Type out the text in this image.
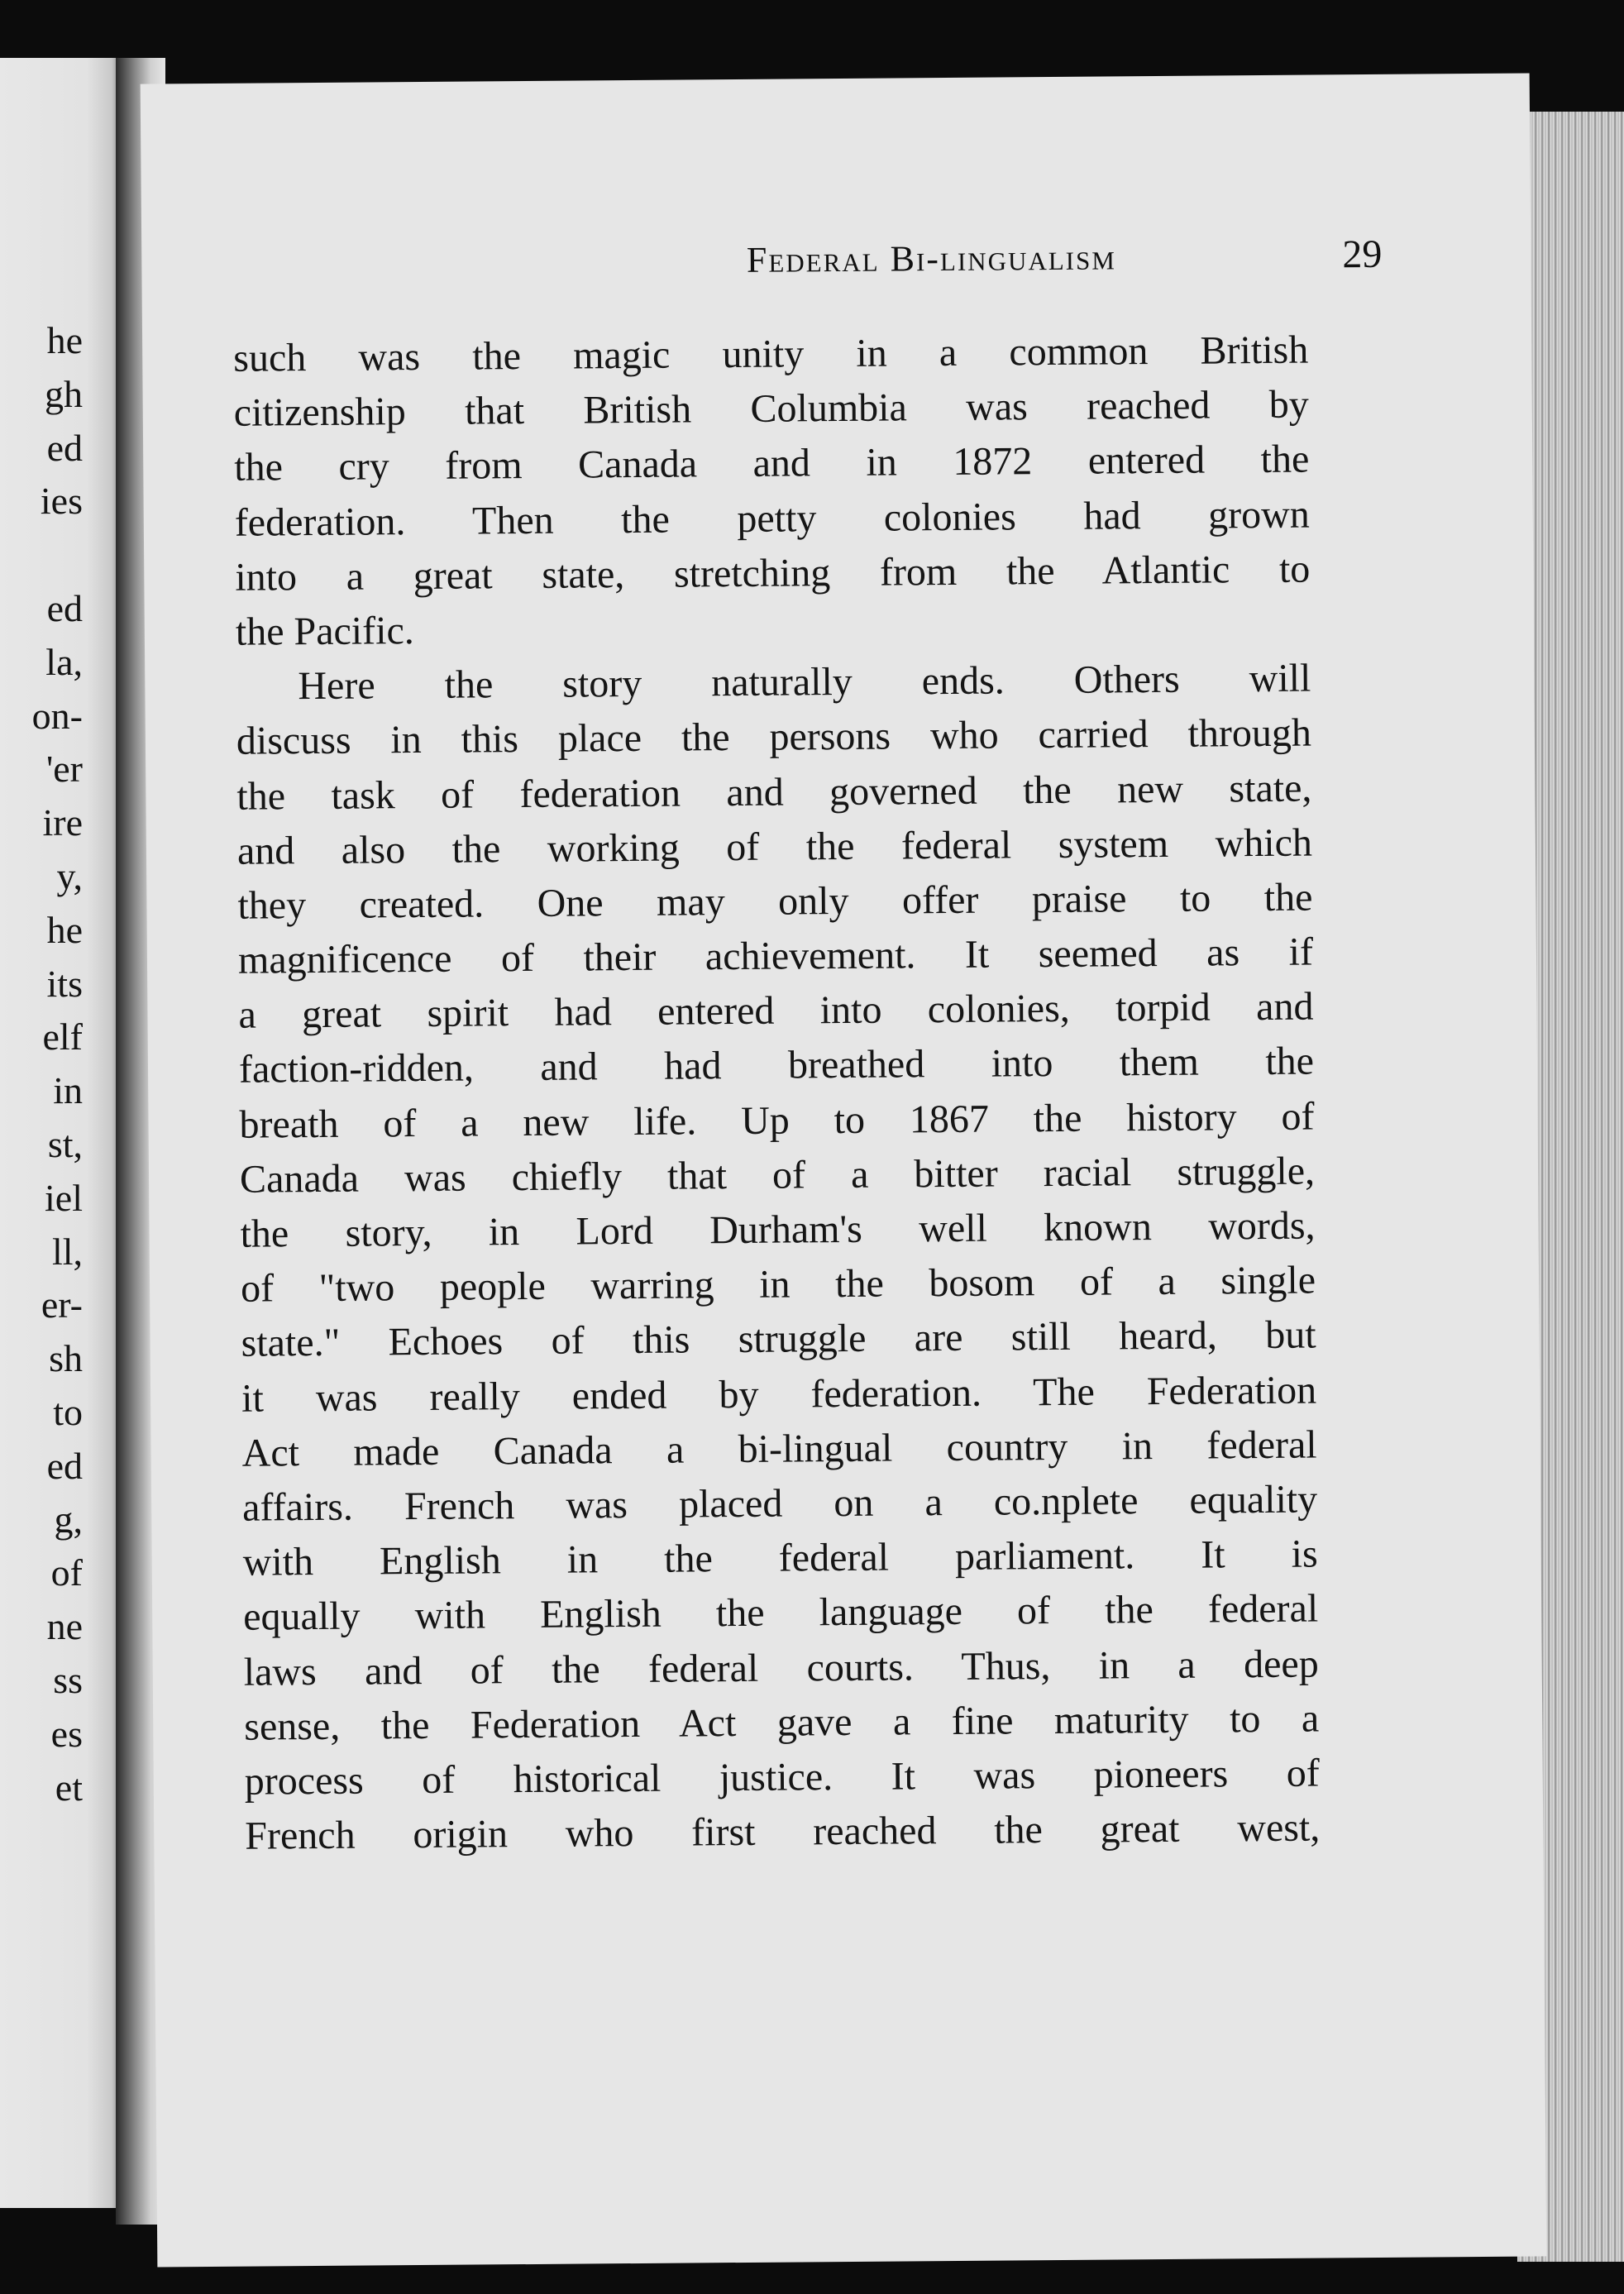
he
gh
ed
ies
ed
la,
on-
'er
ire
y,
he
its
elf
in
st,
iel
ll,
er-
sh
to
ed
g,
of
ne
ss
es
et
Federal Bi-lingualism	29
such was the magic unity in a common British
citizenship that British Columbia was reached by
the cry from Canada and in 1872 entered the
federation. Then the petty colonies had grown
into a great state, stretching from the Atlantic to
the Pacific.
Here the story naturally ends. Others will
discuss in this place the persons who carried through
the task of federation and governed the new state,
and also the working of the federal system which
they created. One may only offer praise to the
magnificence of their achievement. It seemed as if
a great spirit had entered into colonies, torpid and
faction-ridden, and had breathed into them the
breath of a new life. Up to 1867 the history of
Canada was chiefly that of a bitter racial struggle,
the story, in Lord Durham's well known words,
of "two people warring in the bosom of a single
state." Echoes of this struggle are still heard, but
it was really ended by federation. The Federation
Act made Canada a bi-lingual country in federal
affairs. French was placed on a co.nplete equality
with English in the federal parliament. It is
equally with English the language of the federal
laws and of the federal courts. Thus, in a deep
sense, the Federation Act gave a fine maturity to a
process of historical justice. It was pioneers of
French origin who first reached the great west,
